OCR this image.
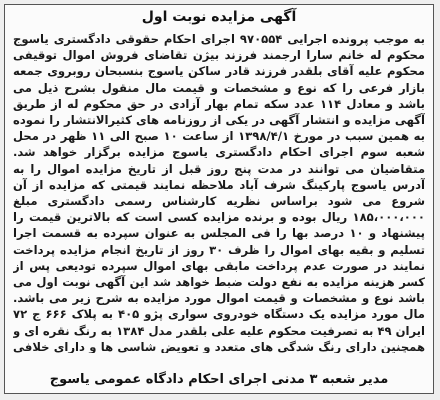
آگهی مزایده نوبت اول
به موجب پرونده اجرایی ۹۷۰۵۵۴ اجرای احکام حقوقی دادگستری یاسوج محکوم له خانم سارا ارجمند فرزند بیژن تقاضای فروش اموال توقیفی محکوم علیه آقای بلقدر فرزند قادر ساکن یاسوج بنسبحان روبروی جمعه بازار فرعی را که نوع و مشخصات و قیمت مال منقول بشرح ذیل می باشد و معادل ۱۱۴ عدد سکه تمام بهار آزادی در حق محکوم له از طریق آگهی مزایده و انتشار آگهی در یکی از روزنامه های کثیرالانتشار را نموده به همین سبب در مورخ ۱۳۹۸/۴/۱ از ساعت ۱۰ صبح الی ۱۱ ظهر در محل شعبه سوم اجرای احکام دادگستری یاسوج مزایده برگزار خواهد شد. متقاضیان می توانند در مدت پنج روز قبل از تاریخ مزایده اموال را به آدرس یاسوج پارکینگ شرف آباد ملاحظه نمایند قیمتی که مزایده از آن شروع می شود براساس نظریه کارشناس رسمی دادگستری مبلغ ۱۸۵،۰۰۰،۰۰۰ ریال بوده و برنده مزایده کسی است که بالاترین قیمت را پیشنهاد و ۱۰ درصد بها را فی المجلس به عنوان سپرده به قسمت اجرا تسلیم و بقیه بهای اموال را ظرف ۳۰ روز از تاریخ انجام مزایده پرداخت نمایند در صورت عدم پرداخت مابقی بهای اموال سپرده تودیعی پس از کسر هزینه مزایده به نفع دولت ضبط خواهد شد این آگهی نوبت اول می باشد نوع و مشخصات و قیمت اموال مورد مزایده به شرح زیر می باشد. مال مورد مزایده یک دستگاه خودروی سواری پژو ۴۰۵ به پلاک ۶۶۶ ج ۷۲ ایران ۴۹ به تصرفیت محکوم علیه علی بلقدر مدل ۱۳۸۴ به رنگ نقره ای و همچنین دارای رنگ شدگی های متعدد و تعویض شاسی ها و دارای خلافی
مدیر شعبه ۳ مدنی اجرای احکام دادگاه عمومی یاسوج
